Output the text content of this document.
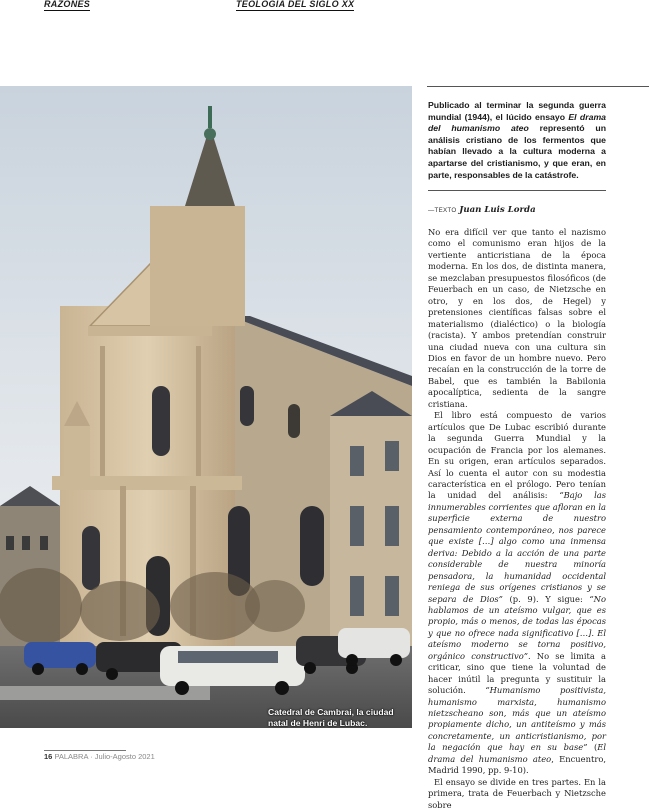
RAZONES	TEOLOGÍA DEL SIGLO XX
Catedral de Cambrai, la ciudad natal de Henri de Lubac.
Publicado al terminar la segunda guerra mundial (1944), el lúcido ensayo El drama del humanismo ateo representó un análisis cristiano de los fermentos que habían llevado a la cultura moderna a apartarse del cristianismo, y que eran, en parte, responsables de la catástrofe.
—TEXTO Juan Luis Lorda

No era difícil ver que tanto el nazismo como el comunismo eran hijos de la vertiente anticristiana de la época moderna. En los dos, de distinta manera, se mezclaban presupuestos filosóficos (de Feuerbach en un caso, de Nietzsche en otro, y en los dos, de Hegel) y pretensiones científicas falsas sobre el materialismo (dialéctico) o la biología (racista). Y ambos pretendían construir una ciudad nueva con una cultura sin Dios en favor de un hombre nuevo. Pero recaían en la construcción de la torre de Babel, que es también la Babilonia apocalíptica, sedienta de la sangre cristiana.

El libro está compuesto de varios artículos que De Lubac escribió durante la segunda Guerra Mundial y la ocupación de Francia por los alemanes. En su origen, eran artículos separados. Así lo cuenta el autor con su modestia característica en el prólogo. Pero tenían la unidad del análisis: “Bajo las innumerables corrientes que afloran en la superficie externa de nuestro pensamiento contemporáneo, nos parece que existe […] algo como una inmensa deriva: Debido a la acción de una parte considerable de nuestra minoría pensadora, la humanidad occidental reniega de sus orígenes cristianos y se separa de Dios” (p. 9). Y sigue: “No hablamos de un ateísmo vulgar, que es propio, más o menos, de todas las épocas y que no ofrece nada significativo […]. El ateísmo moderno se torna positivo, orgánico constructivo”. No se limita a criticar, sino que tiene la voluntad de hacer inútil la pregunta y sustituir la solución. “Humanismo positivista, humanismo marxista, humanismo nietzscheano son, más que un ateísmo propiamente dicho, un antiteísmo y más concretamente, un anticristianismo, por la negación que hay en su base” (El drama del humanismo ateo, Encuentro, Madrid 1990, pp. 9-10).

El ensayo se divide en tres partes. En la primera, trata de Feuerbach y Nietzsche sobre

16 PALABRA · Julio-Agosto 2021
